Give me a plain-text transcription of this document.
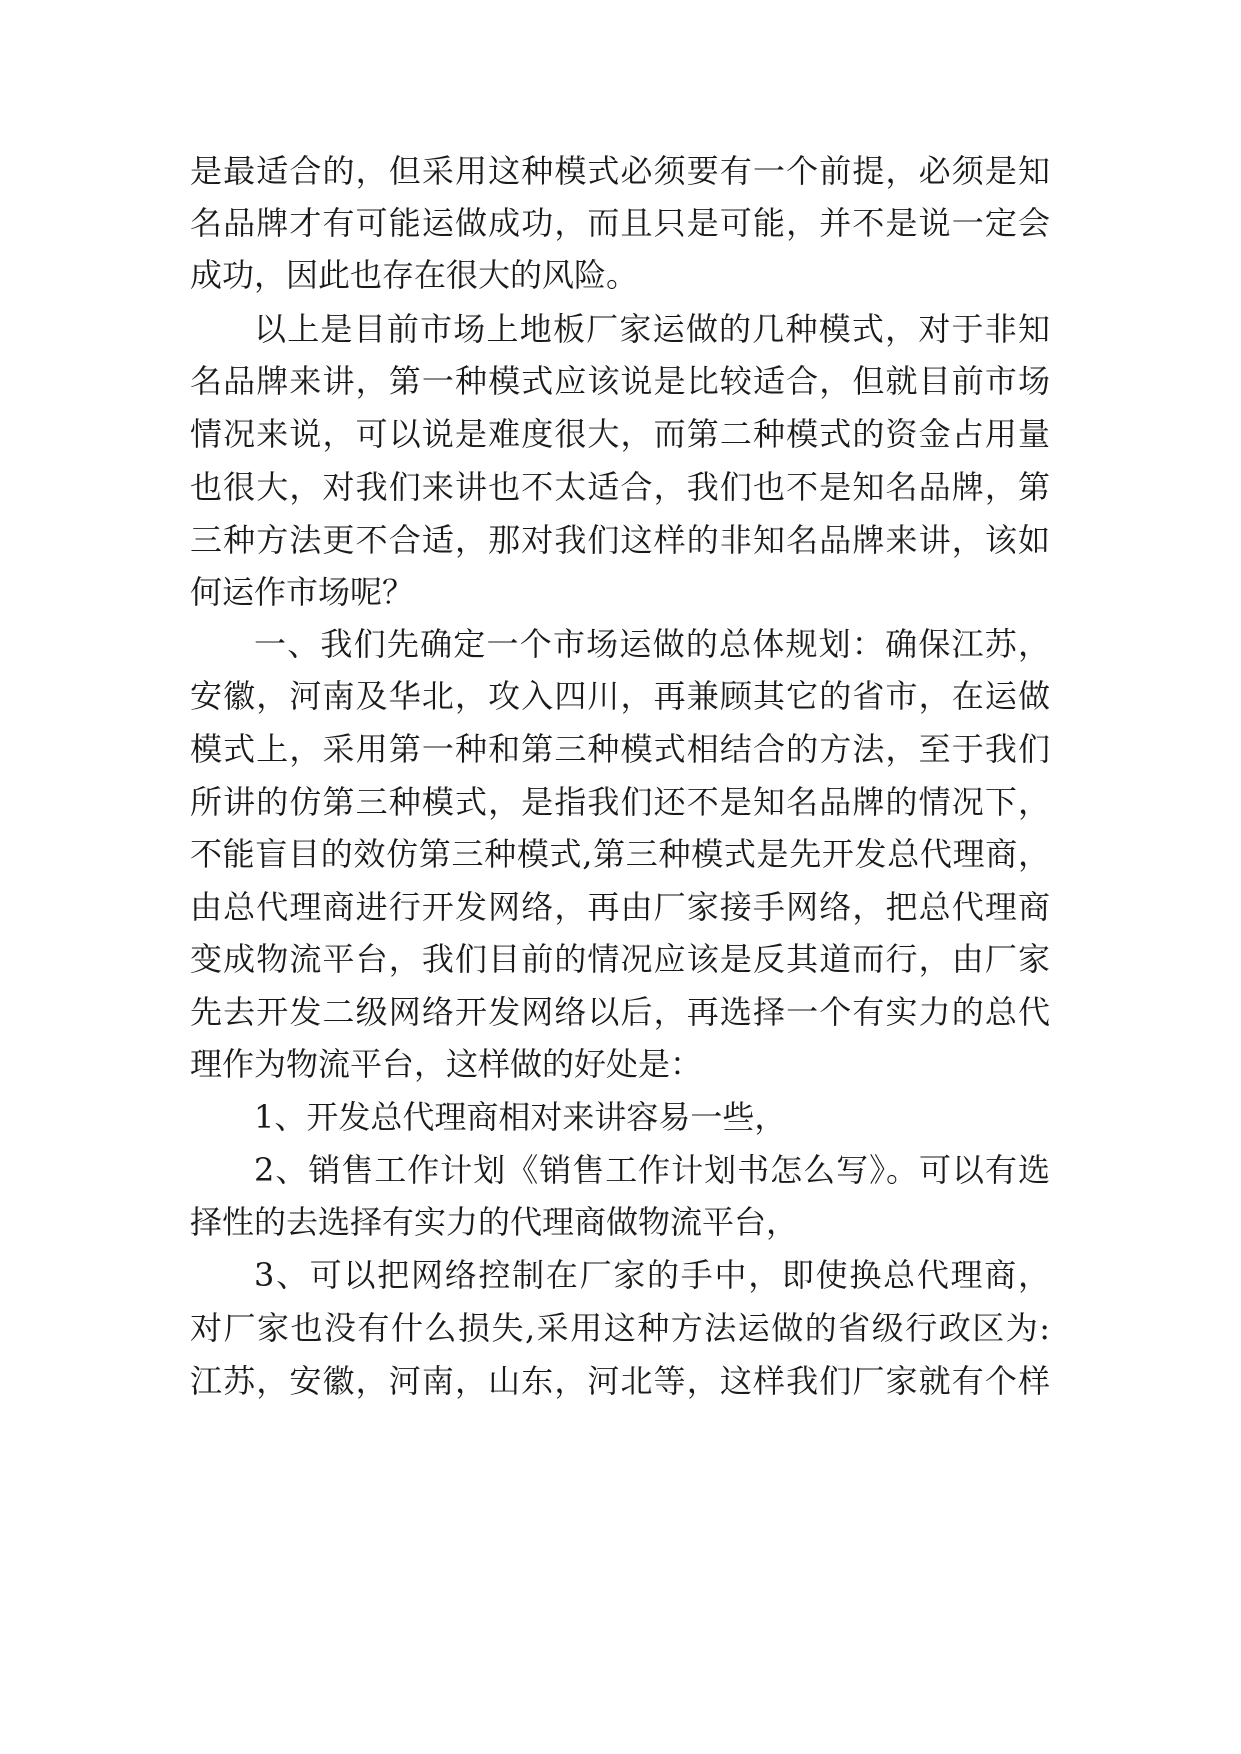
是最适合的，但采用这种模式必须要有一个前提，必须是知
名品牌才有可能运做成功，而且只是可能，并不是说一定会
成功，因此也存在很大的风险。
以上是目前市场上地板厂家运做的几种模式，对于非知
名品牌来讲，第一种模式应该说是比较适合，但就目前市场
情况来说，可以说是难度很大，而第二种模式的资金占用量
也很大，对我们来讲也不太适合，我们也不是知名品牌，第
三种方法更不合适，那对我们这样的非知名品牌来讲，该如
何运作市场呢？
一、我们先确定一个市场运做的总体规划：确保江苏，
安徽，河南及华北，攻入四川，再兼顾其它的省市，在运做
模式上，采用第一种和第三种模式相结合的方法，至于我们
所讲的仿第三种模式，是指我们还不是知名品牌的情况下，
不能盲目的效仿第三种模式,第三种模式是先开发总代理商，
由总代理商进行开发网络，再由厂家接手网络，把总代理商
变成物流平台，我们目前的情况应该是反其道而行，由厂家
先去开发二级网络开发网络以后，再选择一个有实力的总代
理作为物流平台，这样做的好处是：
1、开发总代理商相对来讲容易一些，
2、销售工作计划《销售工作计划书怎么写》。可以有选
择性的去选择有实力的代理商做物流平台，
3、可以把网络控制在厂家的手中，即使换总代理商，
对厂家也没有什么损失,采用这种方法运做的省级行政区为:
江苏，安徽，河南，山东，河北等，这样我们厂家就有个样
